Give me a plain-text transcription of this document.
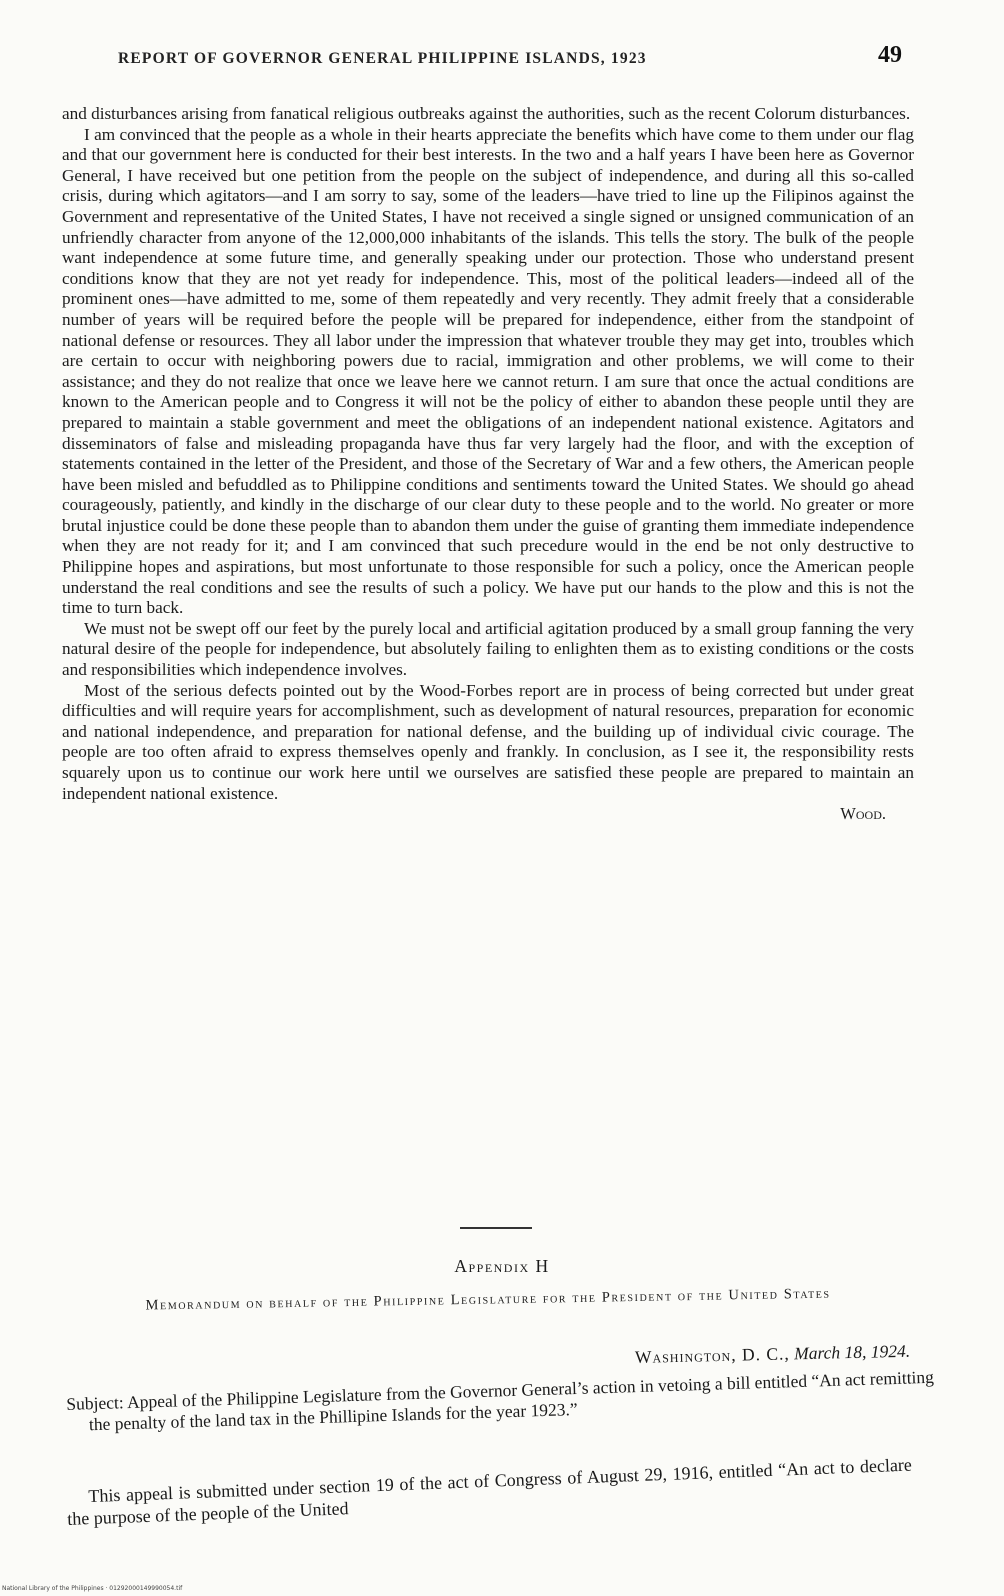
REPORT OF GOVERNOR GENERAL PHILIPPINE ISLANDS, 1923	49

and disturbances arising from fanatical religious outbreaks against the authorities, such as the recent Colorum disturbances.

I am convinced that the people as a whole in their hearts appreciate the benefits which have come to them under our flag and that our government here is conducted for their best interests. In the two and a half years I have been here as Governor General, I have received but one petition from the people on the subject of independence, and during all this so-called crisis, during which agitators—and I am sorry to say, some of the leaders—have tried to line up the Filipinos against the Government and representative of the United States, I have not received a single signed or unsigned communication of an unfriendly character from anyone of the 12,000,000 inhabitants of the islands. This tells the story. The bulk of the people want independence at some future time, and generally speaking under our protection. Those who understand present conditions know that they are not yet ready for independence. This, most of the political leaders—indeed all of the prominent ones—have admitted to me, some of them repeatedly and very recently. They admit freely that a considerable number of years will be required before the people will be prepared for independence, either from the standpoint of national defense or resources. They all labor under the impression that whatever trouble they may get into, troubles which are certain to occur with neighboring powers due to racial, immigration and other problems, we will come to their assistance; and they do not realize that once we leave here we cannot return. I am sure that once the actual conditions are known to the American people and to Congress it will not be the policy of either to abandon these people until they are prepared to maintain a stable government and meet the obligations of an independent national existence. Agitators and disseminators of false and misleading propaganda have thus far very largely had the floor, and with the exception of statements contained in the letter of the President, and those of the Secretary of War and a few others, the American people have been misled and befuddled as to Philippine conditions and sentiments toward the United States. We should go ahead courageously, patiently, and kindly in the discharge of our clear duty to these people and to the world. No greater or more brutal injustice could be done these people than to abandon them under the guise of granting them immediate independence when they are not ready for it; and I am convinced that such precedure would in the end be not only destructive to Philippine hopes and aspirations, but most unfortunate to those responsible for such a policy, once the American people understand the real conditions and see the results of such a policy. We have put our hands to the plow and this is not the time to turn back.

We must not be swept off our feet by the purely local and artificial agitation produced by a small group fanning the very natural desire of the people for independence, but absolutely failing to enlighten them as to existing conditions or the costs and responsibilities which independence involves.

Most of the serious defects pointed out by the Wood-Forbes report are in process of being corrected but under great difficulties and will require years for accomplishment, such as development of natural resources, preparation for economic and national independence, and preparation for national defense, and the building up of individual civic courage. The people are too often afraid to express themselves openly and frankly. In conclusion, as I see it, the responsibility rests squarely upon us to continue our work here until we ourselves are satisfied these people are prepared to maintain an independent national existence.

Wood.
Appendix H
Memorandum on behalf of the Philippine Legislature for the President of the United States
Washington, D. C., March 18, 1924.
Subject: Appeal of the Philippine Legislature from the Governor General’s action in vetoing a bill entitled “An act remitting the penalty of the land tax in the Phillipine Islands for the year 1923.”
This appeal is submitted under section 19 of the act of Congress of August 29, 1916, entitled “An act to declare the purpose of the people of the United
National Library of the Philippines · 01292000149990054.tif
